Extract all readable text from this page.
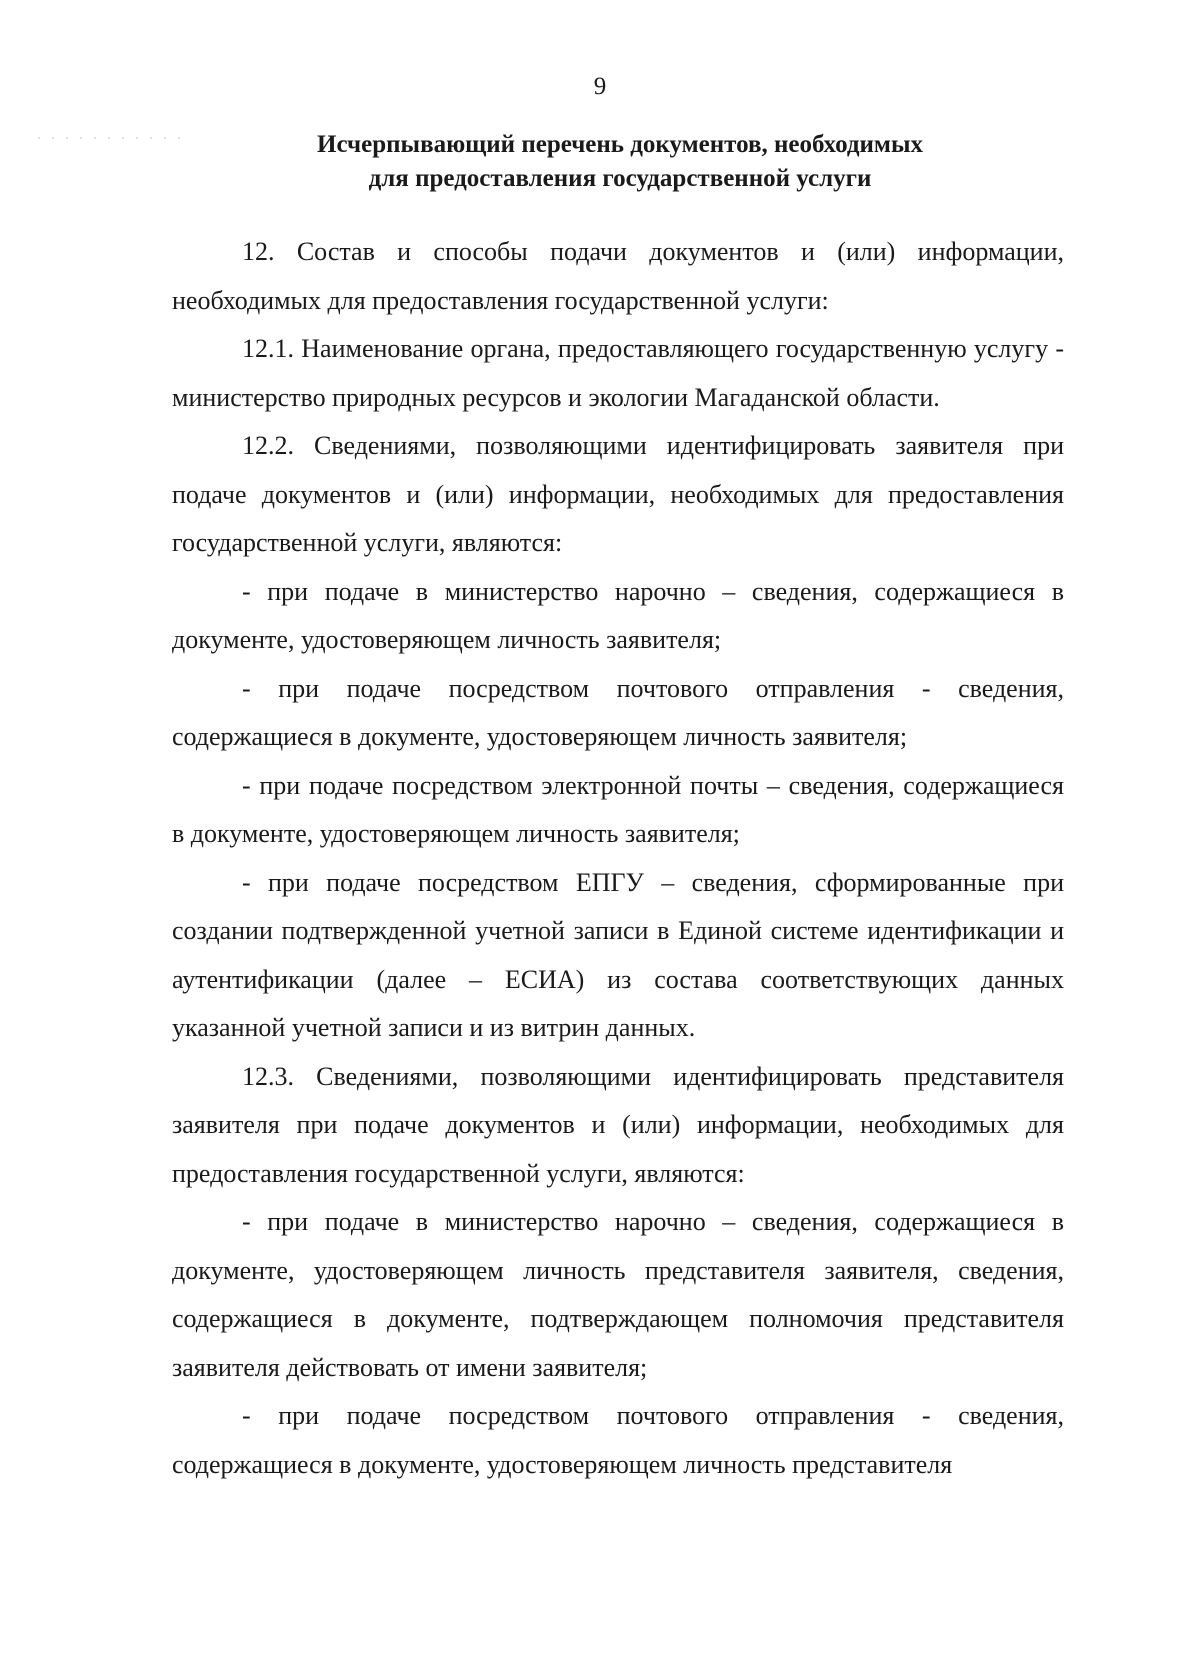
9
Исчерпывающий перечень документов, необходимых
для предоставления государственной услуги

12. Состав и способы подачи документов и (или) информации, необходимых для предоставления государственной услуги:

12.1. Наименование органа, предоставляющего государственную услугу - министерство природных ресурсов и экологии Магаданской области.

12.2. Сведениями, позволяющими идентифицировать заявителя при подаче документов и (или) информации, необходимых для предоставления государственной услуги, являются:

- при подаче в министерство нарочно – сведения, содержащиеся в документе, удостоверяющем личность заявителя;

- при подаче посредством почтового отправления - сведения, содержащиеся в документе, удостоверяющем личность заявителя;

- при подаче посредством электронной почты – сведения, содержащиеся в документе, удостоверяющем личность заявителя;

- при подаче посредством ЕПГУ – сведения, сформированные при создании подтвержденной учетной записи в Единой системе идентификации и аутентификации (далее – ЕСИА) из состава соответствующих данных указанной учетной записи и из витрин данных.

12.3. Сведениями, позволяющими идентифицировать представителя заявителя при подаче документов и (или) информации, необходимых для предоставления государственной услуги, являются:

- при подаче в министерство нарочно – сведения, содержащиеся в документе, удостоверяющем личность представителя заявителя, сведения, содержащиеся в документе, подтверждающем полномочия представителя заявителя действовать от имени заявителя;

- при подаче посредством почтового отправления - сведения, содержащиеся в документе, удостоверяющем личность представителя
